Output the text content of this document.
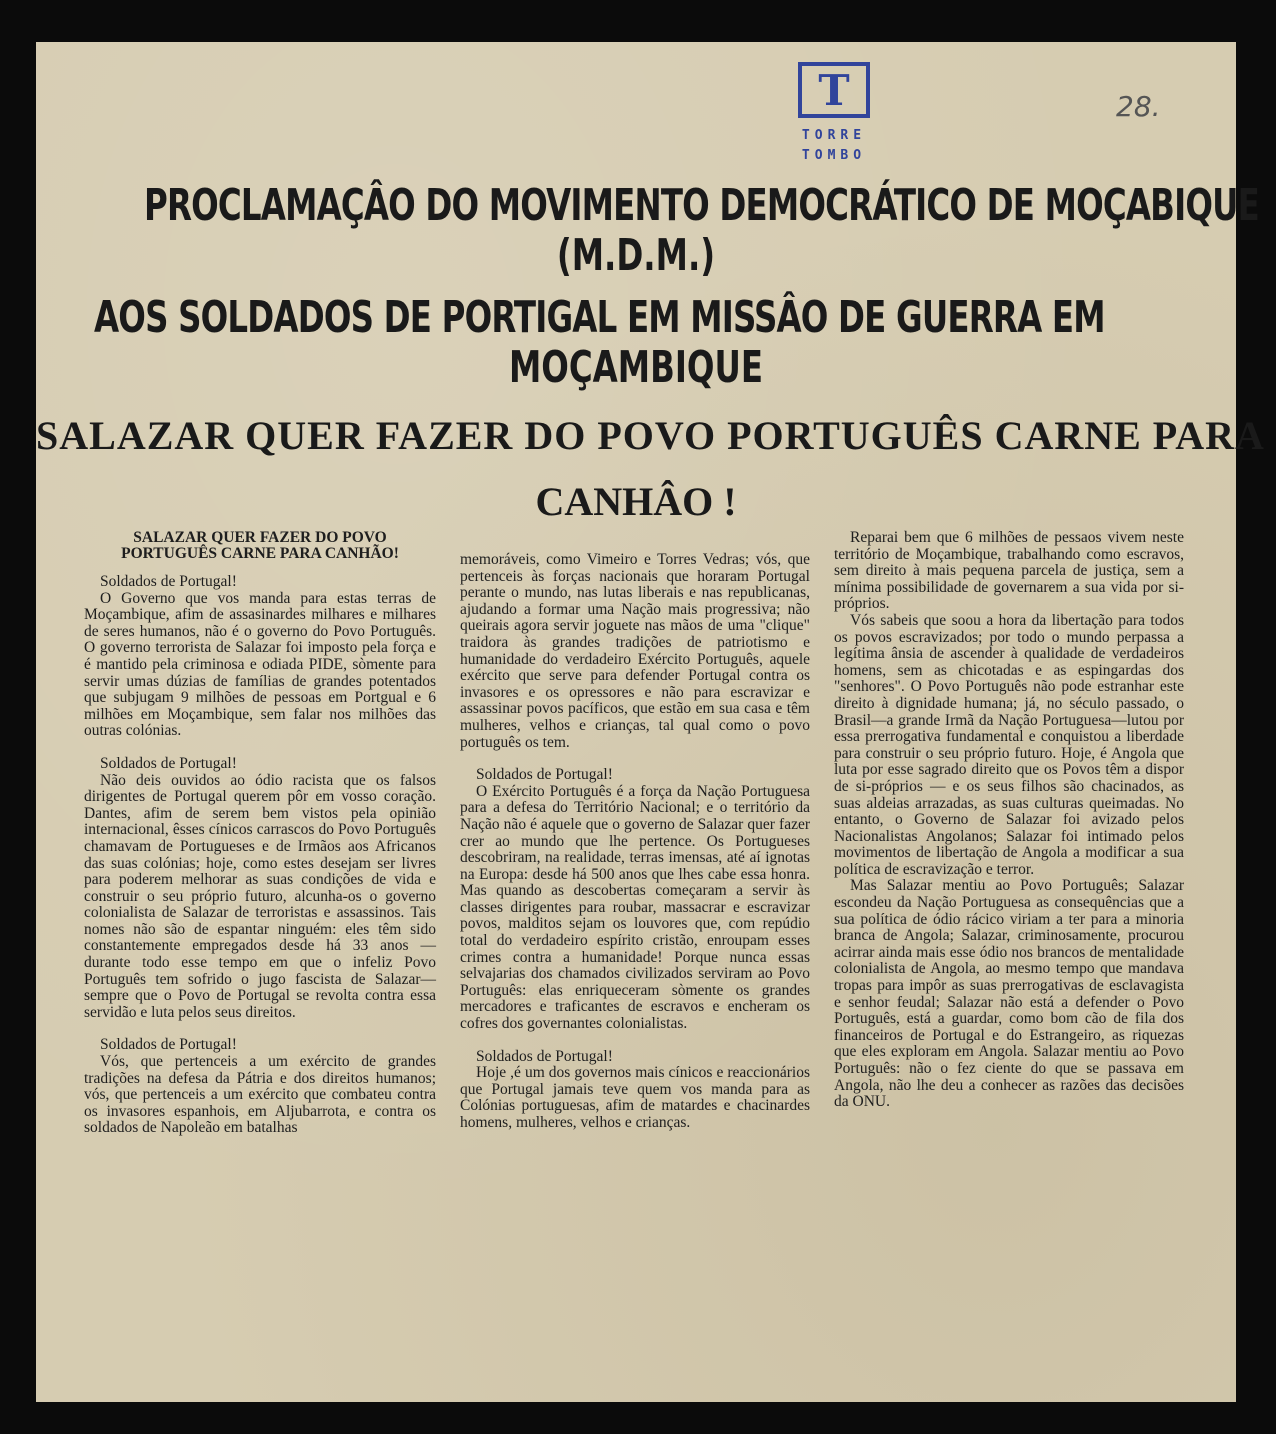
T
TORRE
TOMBO
28.
PROCLAMAÇÂO DO MOVIMENTO DEMOCRÁTICO DE MOÇABIQUE
(M.D.M.)
AOS SOLDADOS DE PORTIGAL EM MISSÂO DE GUERRA EM
MOÇAMBIQUE
SALAZAR QUER FAZER DO POVO PORTUGUÊS CARNE PARA
CANHÂO !

SALAZAR QUER FAZER DO POVO PORTUGUÊS CARNE PARA CANHÃO!

Soldados de Portugal!

O Governo que vos manda para estas terras de Moçambique, afim de assasinardes milhares e milhares de seres humanos, não é o governo do Povo Português. O governo terrorista de Salazar foi imposto pela força e é mantido pela criminosa e odiada PIDE, sòmente para servir umas dúzias de famílias de grandes potentados que subjugam 9 milhões de pessoas em Portgual e 6 milhões em Moçambique, sem falar nos milhões das outras colónias.

Soldados de Portugal!

Não deis ouvidos ao ódio racista que os falsos dirigentes de Portugal querem pôr em vosso coração. Dantes, afim de serem bem vistos pela opinião internacional, êsses cínicos carrascos do Povo Português chamavam de Portugueses e de Irmãos aos Africanos das suas colónias; hoje, como estes desejam ser livres para poderem melhorar as suas condições de vida e construir o seu próprio futuro, alcunha-os o governo colonialista de Salazar de terroristas e assassinos. Tais nomes não são de espantar ninguém: eles têm sido constantemente empregados desde há 33 anos — durante todo esse tempo em que o infeliz Povo Português tem sofrido o jugo fascista de Salazar—sempre que o Povo de Portugal se revolta contra essa servidão e luta pelos seus direitos.

Soldados de Portugal!

Vós, que pertenceis a um exército de grandes tradições na defesa da Pátria e dos direitos humanos; vós, que pertenceis a um exército que combateu contra os invasores espanhois, em Aljubarrota, e contra os soldados de Napoleão em batalhas

memoráveis, como Vimeiro e Torres Vedras; vós, que pertenceis às forças nacionais que horaram Portugal perante o mundo, nas lutas liberais e nas republicanas, ajudando a formar uma Nação mais progressiva; não queirais agora servir joguete nas mãos de uma "clique" traidora às grandes tradições de patriotismo e humanidade do verdadeiro Exército Português, aquele exército que serve para defender Portugal contra os invasores e os opressores e não para escravizar e assassinar povos pacíficos, que estão em sua casa e têm mulheres, velhos e crianças, tal qual como o povo português os tem.

Soldados de Portugal!

O Exército Português é a força da Nação Portuguesa para a defesa do Território Nacional; e o território da Nação não é aquele que o governo de Salazar quer fazer crer ao mundo que lhe pertence. Os Portugueses descobriram, na realidade, terras imensas, até aí ignotas na Europa: desde há 500 anos que lhes cabe essa honra. Mas quando as descobertas começaram a servir às classes dirigentes para roubar, massacrar e escravizar povos, malditos sejam os louvores que, com repúdio total do verdadeiro espírito cristão, enroupam esses crimes contra a humanidade! Porque nunca essas selvajarias dos chamados civilizados serviram ao Povo Português: elas enriqueceram sòmente os grandes mercadores e traficantes de escravos e encheram os cofres dos governantes colonialistas.

Soldados de Portugal!

Hoje ,é um dos governos mais cínicos e reaccionários que Portugal jamais teve quem vos manda para as Colónias portuguesas, afim de matardes e chacinardes homens, mulheres, velhos e crianças.

Reparai bem que 6 milhões de pessaos vivem neste território de Moçambique, trabalhando como escravos, sem direito à mais pequena parcela de justiça, sem a mínima possibilidade de governarem a sua vida por si-próprios.

Vós sabeis que soou a hora da libertação para todos os povos escravizados; por todo o mundo perpassa a legítima ânsia de ascender à qualidade de verdadeiros homens, sem as chicotadas e as espingardas dos "senhores". O Povo Português não pode estranhar este direito à dignidade humana; já, no século passado, o Brasil—a grande Irmã da Nação Portuguesa—lutou por essa prerrogativa fundamental e conquistou a liberdade para construir o seu próprio futuro. Hoje, é Angola que luta por esse sagrado direito que os Povos têm a dispor de si-próprios — e os seus filhos são chacinados, as suas aldeias arrazadas, as suas culturas queimadas. No entanto, o Governo de Salazar foi avizado pelos Nacionalistas Angolanos; Salazar foi intimado pelos movimentos de libertação de Angola a modificar a sua política de escravização e terror.

Mas Salazar mentiu ao Povo Português; Salazar escondeu da Nação Portuguesa as consequências que a sua política de ódio rácico viriam a ter para a minoria branca de Angola; Salazar, criminosamente, procurou acirrar ainda mais esse ódio nos brancos de mentalidade colonialista de Angola, ao mesmo tempo que mandava tropas para impôr as suas prerrogativas de esclavagista e senhor feudal; Salazar não está a defender o Povo Português, está a guardar, como bom cão de fila dos financeiros de Portugal e do Estrangeiro, as riquezas que eles exploram em Angola. Salazar mentiu ao Povo Português: não o fez ciente do que se passava em Angola, não lhe deu a conhecer as razões das decisões da ONU.
